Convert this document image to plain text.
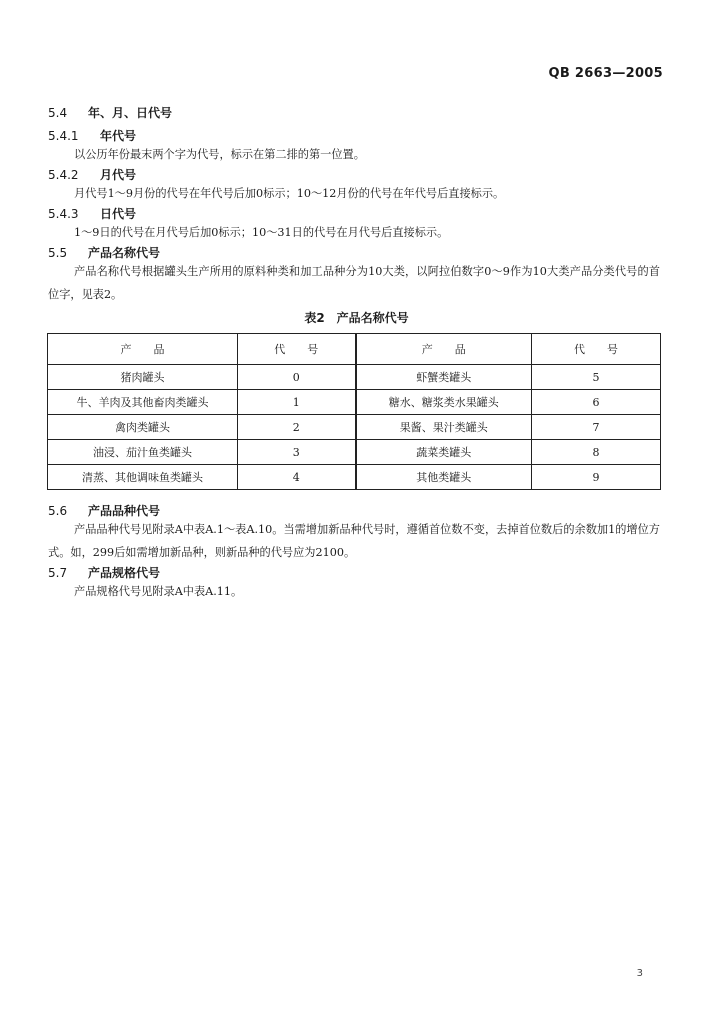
QB 2663—2005
5.4 年、月、日代号
5.4.1 年代号
以公历年份最末两个字为代号，标示在第二排的第一位置。
5.4.2 月代号
月代号1～9月份的代号在年代号后加0标示；10～12月份的代号在年代号后直接标示。
5.4.3 日代号
1～9日的代号在月代号后加0标示；10～31日的代号在月代号后直接标示。
5.5 产品名称代号
产品名称代号根据罐头生产所用的原料种类和加工品种分为10大类，以阿拉伯数字0～9作为10大类产品分类代号的首位字，见表2。
表2　产品名称代号
产　　品	代　　号	产　　品	代　　号
猪肉罐头	0	虾蟹类罐头	5
牛、羊肉及其他畜肉类罐头	1	糖水、糖浆类水果罐头	6
禽肉类罐头	2	果酱、果汁类罐头	7
油浸、茄汁鱼类罐头	3	蔬菜类罐头	8
清蒸、其他调味鱼类罐头	4	其他类罐头	9
5.6 产品品种代号
产品品种代号见附录A中表A.1～表A.10。当需增加新品种代号时，遵循首位数不变，去掉首位数后的余数加1的增位方式。如，299后如需增加新品种，则新品种的代号应为2100。
5.7 产品规格代号
产品规格代号见附录A中表A.11。
3
